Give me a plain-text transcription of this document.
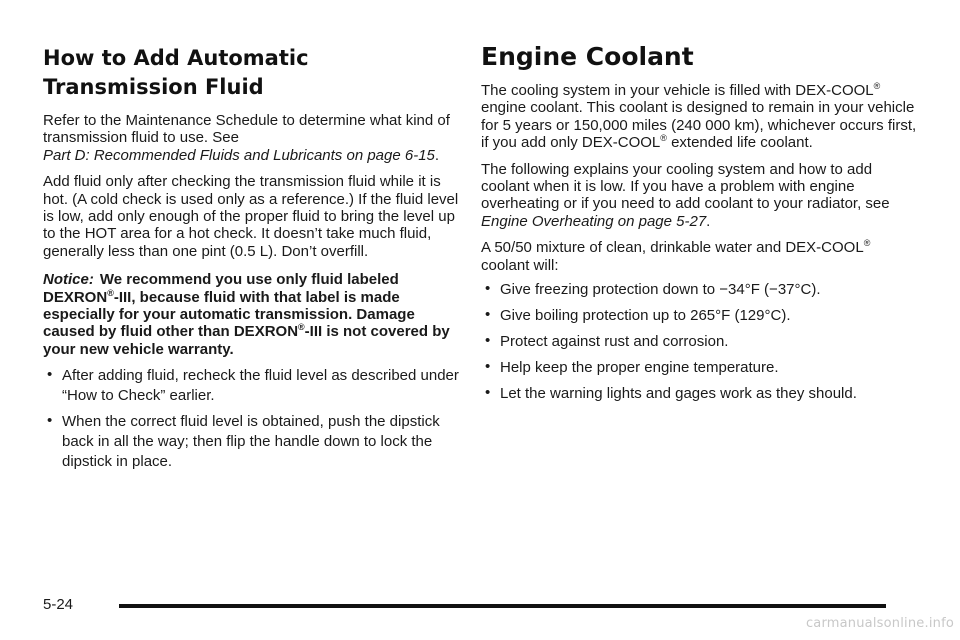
How to Add Automatic Transmission Fluid

Refer to the Maintenance Schedule to determine what kind of transmission fluid to use. See
Part D: Recommended Fluids and Lubricants on page 6-15.

Add fluid only after checking the transmission fluid while it is hot. (A cold check is used only as a reference.) If the fluid level is low, add only enough of the proper fluid to bring the level up to the HOT area for a hot check. It doesn’t take much fluid, generally less than one pint (0.5 L). Don’t overfill.

Notice: We recommend you use only fluid labeled DEXRON®-III, because fluid with that label is made especially for your automatic transmission. Damage caused by fluid other than DEXRON®-III is not covered by your new vehicle warranty.

• After adding fluid, recheck the fluid level as described under “How to Check” earlier.
• When the correct fluid level is obtained, push the dipstick back in all the way; then flip the handle down to lock the dipstick in place.
Engine Coolant

The cooling system in your vehicle is filled with DEX-COOL® engine coolant. This coolant is designed to remain in your vehicle for 5 years or 150,000 miles (240 000 km), whichever occurs first, if you add only DEX-COOL® extended life coolant.

The following explains your cooling system and how to add coolant when it is low. If you have a problem with engine overheating or if you need to add coolant to your radiator, see Engine Overheating on page 5-27.

A 50/50 mixture of clean, drinkable water and DEX-COOL® coolant will:

• Give freezing protection down to −34°F (−37°C).
• Give boiling protection up to 265°F (129°C).
• Protect against rust and corrosion.
• Help keep the proper engine temperature.
• Let the warning lights and gages work as they should.
5-24
carmanualsonline.info
